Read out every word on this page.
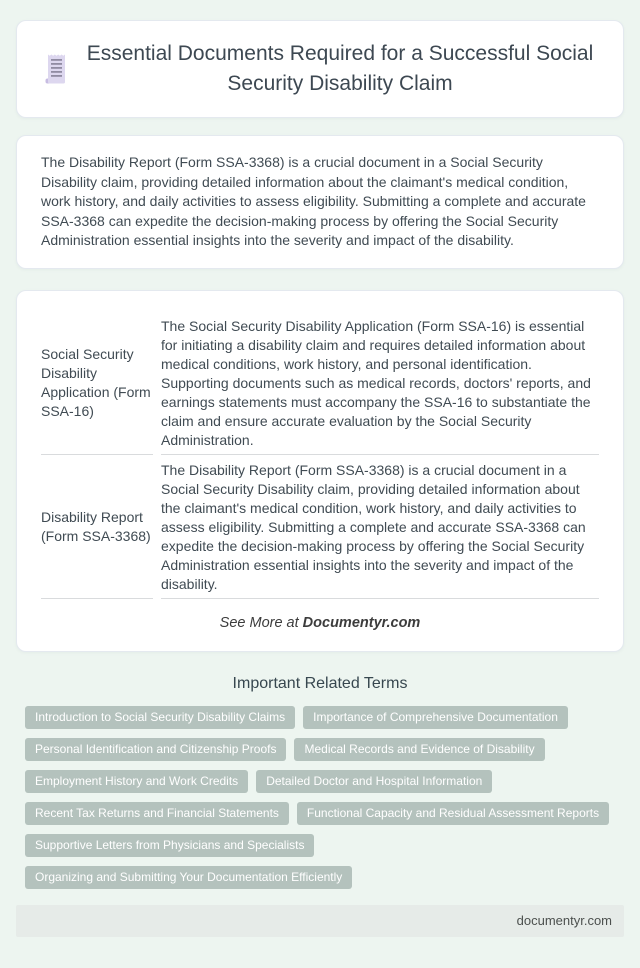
Essential Documents Required for a Successful Social Security Disability Claim

The Disability Report (Form SSA-3368) is a crucial document in a Social Security Disability claim, providing detailed information about the claimant's medical condition, work history, and daily activities to assess eligibility. Submitting a complete and accurate SSA-3368 can expedite the decision-making process by offering the Social Security Administration essential insights into the severity and impact of the disability.

Social Security Disability Application (Form SSA-16)	The Social Security Disability Application (Form SSA-16) is essential for initiating a disability claim and requires detailed information about medical conditions, work history, and personal identification. Supporting documents such as medical records, doctors' reports, and earnings statements must accompany the SSA-16 to substantiate the claim and ensure accurate evaluation by the Social Security Administration.
Disability Report (Form SSA-3368)	The Disability Report (Form SSA-3368) is a crucial document in a Social Security Disability claim, providing detailed information about the claimant's medical condition, work history, and daily activities to assess eligibility. Submitting a complete and accurate SSA-3368 can expedite the decision-making process by offering the Social Security Administration essential insights into the severity and impact of the disability.

See More at Documentyr.com

Important Related Terms
Introduction to Social Security Disability Claims	Importance of Comprehensive Documentation
Personal Identification and Citizenship Proofs	Medical Records and Evidence of Disability
Employment History and Work Credits	Detailed Doctor and Hospital Information
Recent Tax Returns and Financial Statements	Functional Capacity and Residual Assessment Reports
Supportive Letters from Physicians and Specialists
Organizing and Submitting Your Documentation Efficiently
documentyr.com
